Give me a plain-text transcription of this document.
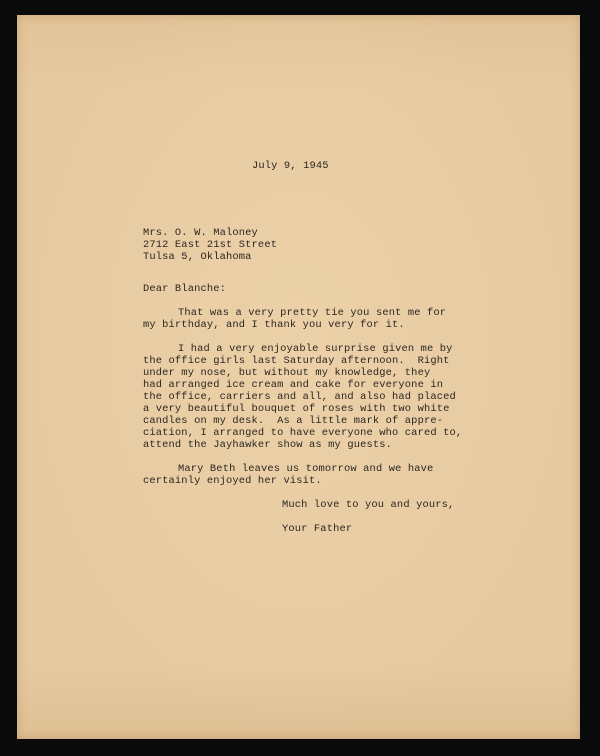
July 9, 1945

Mrs. O. W. Maloney

2712 East 21st Street

Tulsa 5, Oklahoma

Dear Blanche:

That was a very pretty tie you sent me for

my birthday, and I thank you very for it.

I had a very enjoyable surprise given me by

the office girls last Saturday afternoon.  Right

under my nose, but without my knowledge, they

had arranged ice cream and cake for everyone in

the office, carriers and all, and also had placed

a very beautiful bouquet of roses with two white

candles on my desk.  As a little mark of appre-

ciation, I arranged to have everyone who cared to,

attend the Jayhawker show as my guests.

Mary Beth leaves us tomorrow and we have

certainly enjoyed her visit.

Much love to you and yours,

Your Father
